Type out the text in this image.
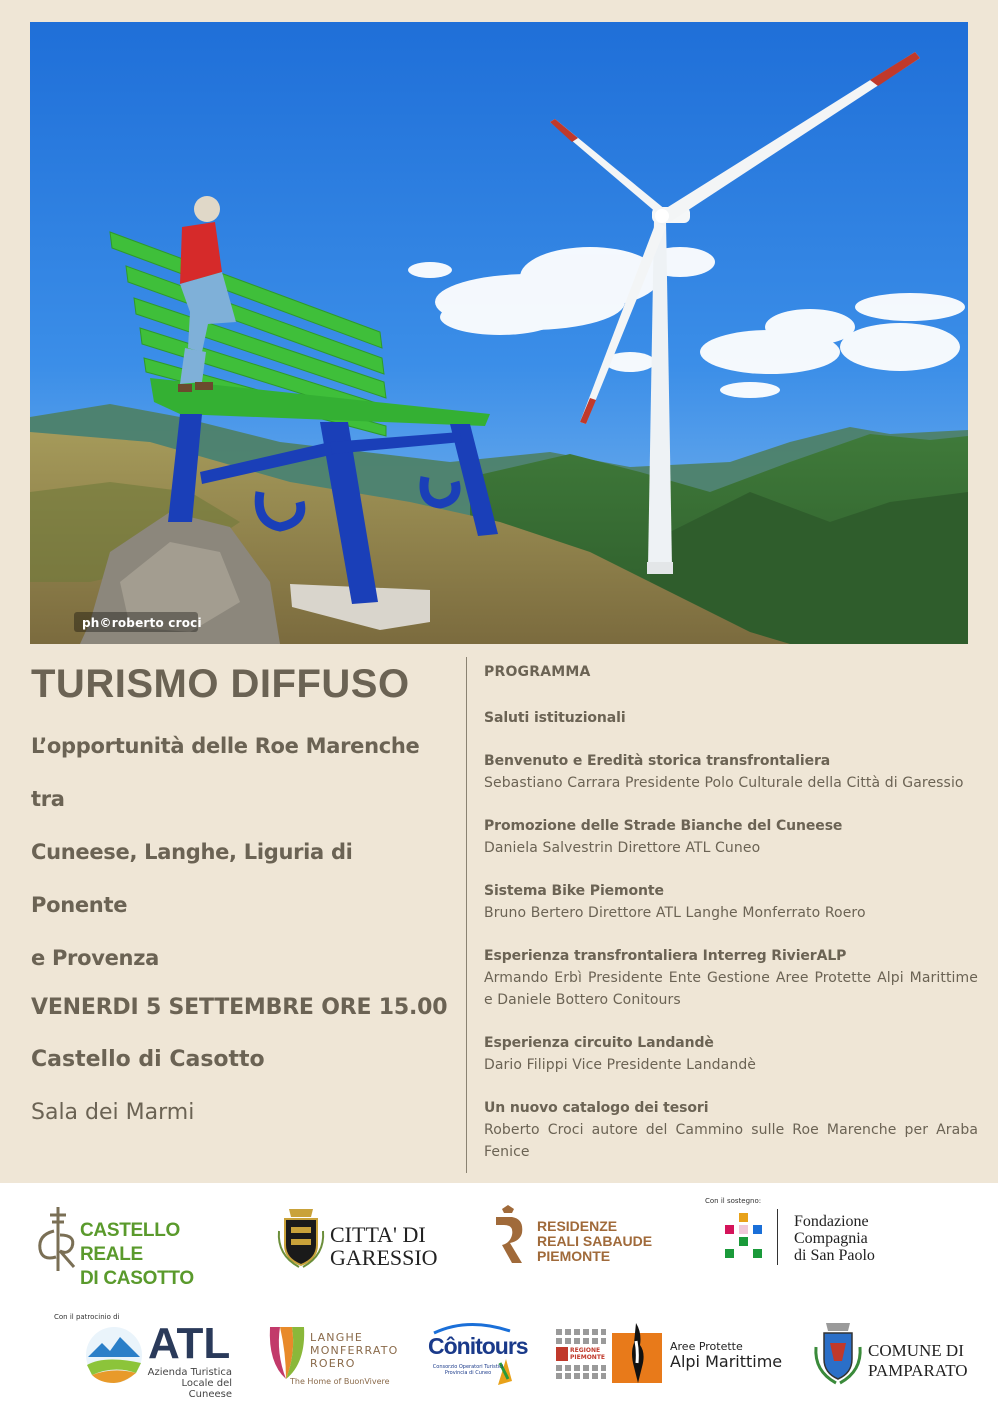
ph©roberto croci
TURISMO DIFFUSO
L’opportunità delle Roe Marenche tra
Cuneese, Langhe, Liguria di Ponente
e Provenza
VENERDI 5 SETTEMBRE ORE 15.00
Castello di Casotto
Sala dei Marmi
PROGRAMMA
Saluti istituzionali
Benvenuto e Eredità storica transfrontaliera
Sebastiano Carrara Presidente Polo Culturale della Città di Garessio
Promozione delle Strade Bianche del Cuneese
Daniela Salvestrin Direttore ATL Cuneo
Sistema Bike Piemonte
Bruno Bertero Direttore ATL Langhe Monferrato Roero
Esperienza transfrontaliera Interreg RivierALP
Armando Erbì Presidente Ente Gestione Aree Protette Alpi Marittime e Daniele Bottero Conitours
Esperienza circuito Landandè
Dario Filippi Vice Presidente Landandè
Un nuovo catalogo dei tesori
Roberto Croci autore del Cammino sulle Roe Marenche per Araba Fenice
CASTELLO REALE
DI CASOTTO
CITTA' DI
GARESSIO
RESIDENZE
REALI SABAUDE
PIEMONTE
Con il sostegno:
Fondazione
Compagnia
di San Paolo
Con il patrocinio di
ATL
Azienda Turistica
Locale del Cuneese
LANGHE
MONFERRATO
ROERO
The Home of BuonVivere
Cônitours
Consorzio Operatori Turistici
Provincia di Cuneo
REGIONE
PIEMONTE
Aree Protette
Alpi Marittime
COMUNE DI
PAMPARATO
